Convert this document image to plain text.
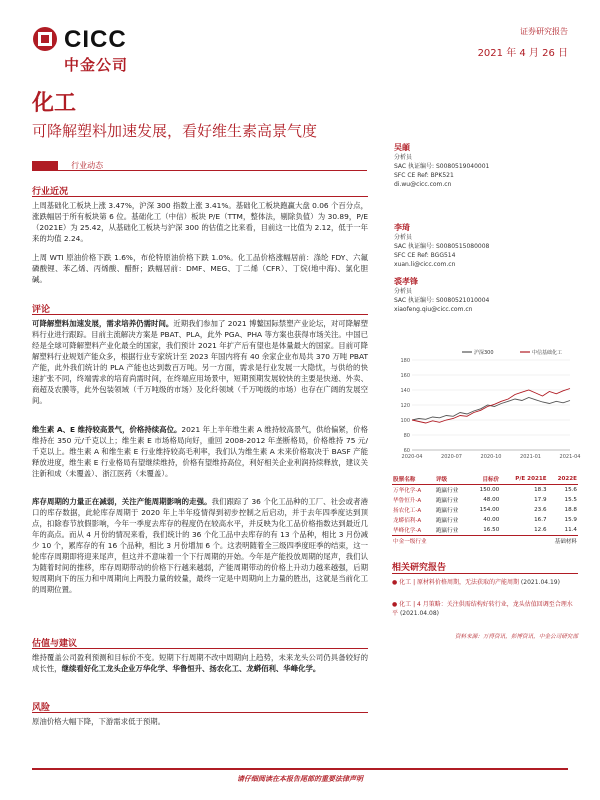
CICC
中金公司
证券研究报告
2021 年 4 月 26 日
化工
可降解塑料加速发展，看好维生素高景气度
行业动态
行业近况
上周基础化工板块上涨 3.47%，沪深 300 指数上涨 3.41%。基础化工板块跑赢大盘 0.06 个百分点，涨跌幅居于所有板块第 6 位。基础化工（中信）板块 P/E（TTM，整体法，剔除负值）为 30.89，P/E（2021E）为 25.42，从基础化工板块与沪深 300 的估值之比来看，目前这一比值为 2.12，低于一年来的均值 2.24。
上周 WTI 原油价格下跌 1.6%，布伦特原油价格下跌 1.0%。化工品价格涨幅居前：涤纶 FDY、六氟磷酸锂、苯乙烯、丙烯酸、醋酐；跌幅居前：DMF、MEG、丁二烯（CFR）、丁烷(地中海)、氯化胆碱。
评论
可降解塑料加速发展，需求培养仍需时间。近期我们参加了 2021 博鳌国际禁塑产业论坛，对可降解塑料行业进行跟踪。目前主流解决方案是 PBAT、PLA，此外 PGA、PHA 等方案也获得市场关注。中国已经是全球可降解塑料产业化最全的国家，我们预计 2021 年扩产后有望也是体量最大的国家。目前可降解塑料行业规划产能众多，根据行业专家统计至 2023 年国内将有 40 余家企业布局共 370 万吨 PBAT 产能，此外我们统计的 PLA 产能也达到数百万吨。另一方面，需求是行业发展一大隐忧，与供给的快速扩张不同，终端需求的培育尚需时间，在终端应用场景中，短期预期发展较快的主要是快递、外卖、商超及农膜等，此外包装领域（千万吨级的市场）及化纤领域（千万吨级的市场）也存在广阔的发展空间。
维生素 A、E 维持较高景气，价格持续高位。2021 年上半年维生素 A 维持较高景气，供给偏紧，价格维持在 350 元/千克以上；维生素 E 市场格局向好，重回 2008-2012 年垄断格局，价格维持 75 元/千克以上。维生素 A 和维生素 E 行业维持较高毛利率，我们认为维生素 A 未来价格取决于 BASF 产能释放进度，维生素 E 行业格局有望继续维持，价格有望维持高位，利好相关企业利润持续释放，建议关注新和成（未覆盖）、浙江医药（未覆盖）。
库存周期的力量正在减弱，关注产能周期影响的走强。我们跟踪了 36 个化工品种的工厂、社会或者港口的库存数据，此轮库存周期于 2020 年上半年疫情得到初步控制之后启动，并于去年四季度达到顶点，扣除春节放假影响，今年一季度去库存的程度仍在较高水平，并反映为化工品价格指数达到最近几年的高点。而从 4 月份的情况来看，我们统计的 36 个化工品中去库存的有 13 个品种，相比 3 月份减少 10 个，累库存的有 16 个品种，相比 3 月份增加 6 个。这表明随着全三级四季度旺季的结束，这一轮库存周期即将迎来尾声，但这并不意味着一个下行周期的开始。今年是产能投放周期的尾声，我们认为随着时间的推移，库存周期带动的价格下行越来越弱，产能周期带动的价格上升动力越来越强，后期短周期向下的压力和中周期向上两股力量的较量，最终一定是中周期向上力量的胜出，这就是当前化工的周期位置。
估值与建议
维持覆盖公司盈利预测和目标价不变。短期下行周期不改中周期向上趋势，未来龙头公司仍具备较好的成长性，继续看好化工龙头企业万华化学、华鲁恒升、扬农化工、龙蟒佰利、华峰化学。
风险
原油价格大幅下降，下游需求低于预期。
吴頔
分析员
SAC 执证编号: S0080519040001
SFC CE Ref: BPK521
di.wu@cicc.com.cn
李琦
分析员
SAC 执证编号: S0080515080008
SFC CE Ref: BGG514
xuan.li@cicc.com.cn
裘孝锋
分析员
SAC 执证编号: S0080521010004
xiaofeng.qiu@cicc.com.cn
180
160
140
120
100
80
60
2020-04	2020-07	2020-10	2021-01	2021-04
沪深300	中信基础化工
股票名称	评级	目标价	P/E 2021E	2022E
万华化学-A	跑赢行业	150.00	18.3	15.6
华鲁恒升-A	跑赢行业	48.00	17.9	15.5
扬农化工-A	跑赢行业	154.00	23.6	18.8
龙蟒佰利-A	跑赢行业	40.00	16.7	15.9
华峰化学-A	跑赢行业	16.50	12.6	11.4
中金一级行业			基础材料	
相关研究报告
● 化工 | 原材料价格周期，无法获取的产能周期 (2021.04.19)
● 化工 | 4 月策略：关注供需结构好转行业，龙头估值回调至合理水平 (2021.04.08)
资料来源：万得资讯，彭博资讯，中金公司研究部
请仔细阅读在本报告尾部的重要法律声明
